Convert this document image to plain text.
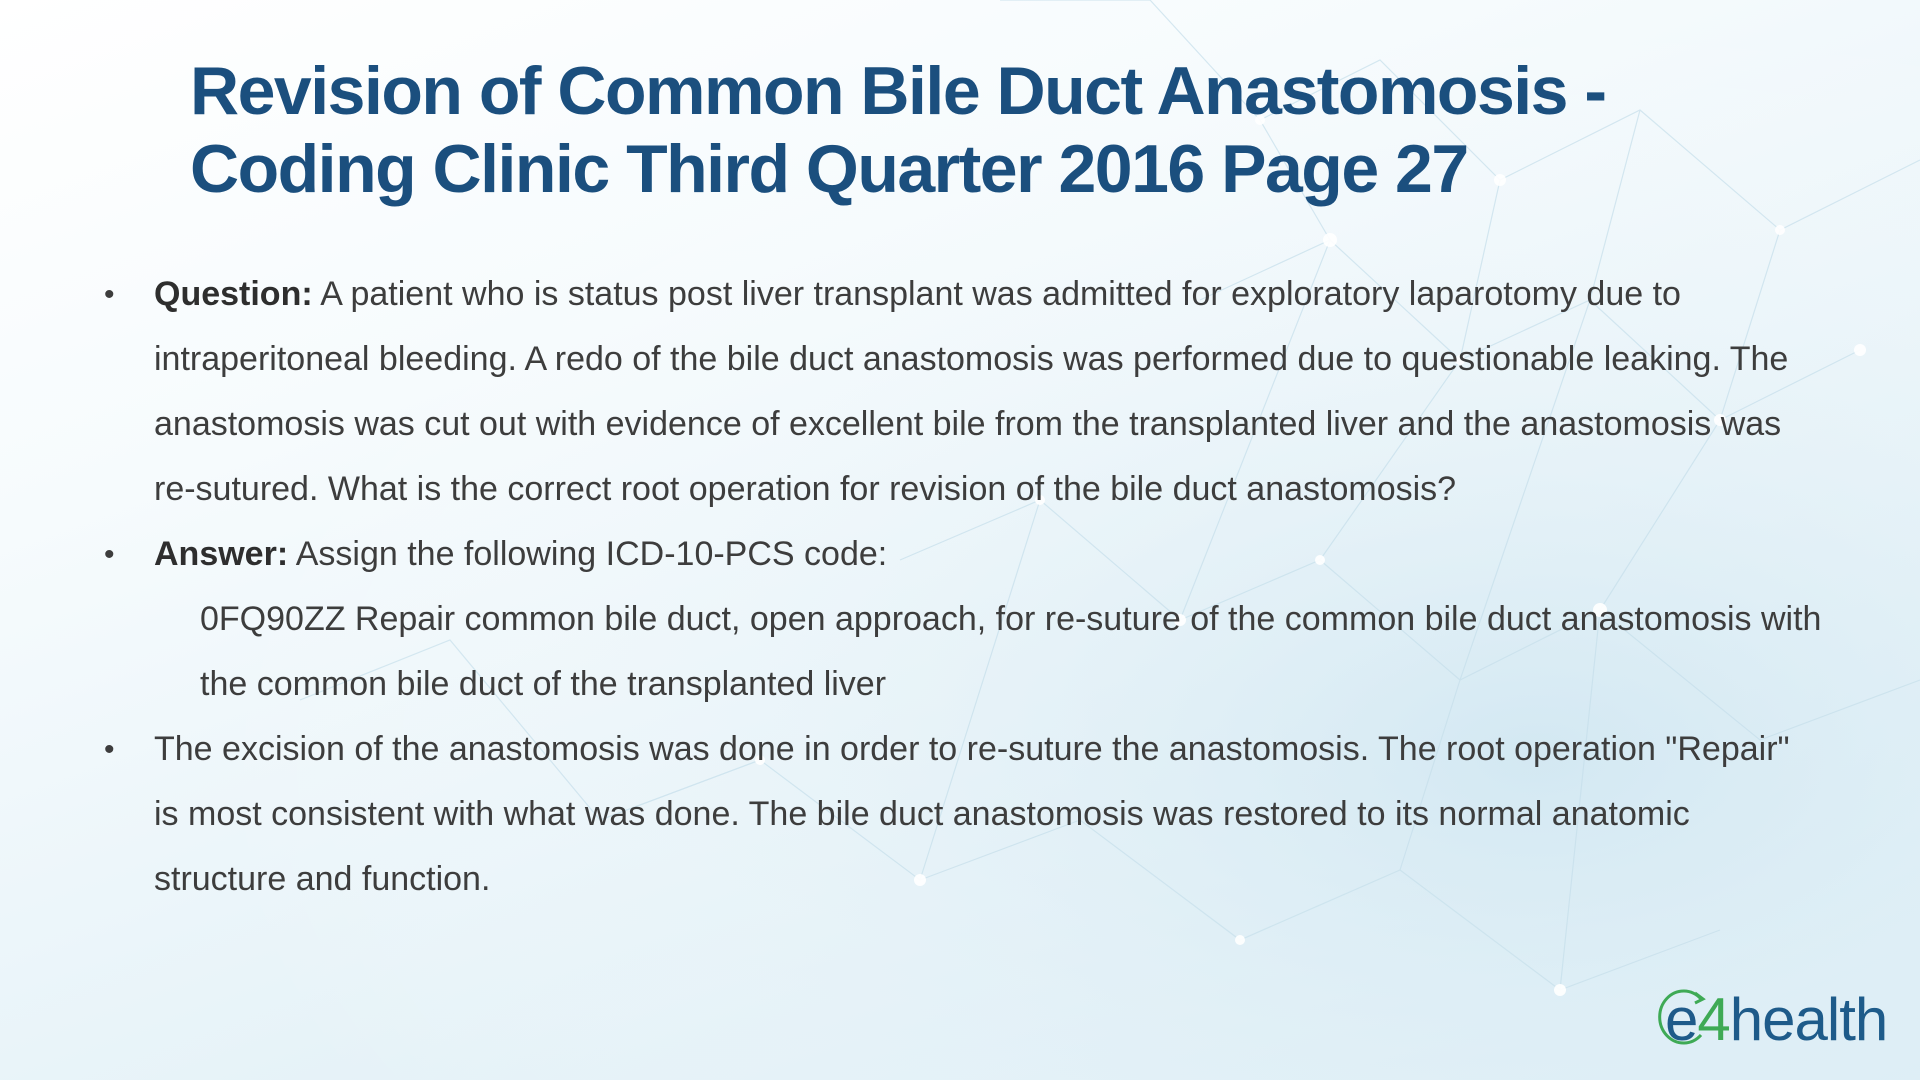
Revision of Common Bile Duct Anastomosis -
Coding Clinic Third Quarter 2016 Page 27
• Question: A patient who is status post liver transplant was admitted for exploratory laparotomy due to intraperitoneal bleeding. A redo of the bile duct anastomosis was performed due to questionable leaking. The anastomosis was cut out with evidence of excellent bile from the transplanted liver and the anastomosis was re-sutured. What is the correct root operation for revision of the bile duct anastomosis?
• Answer: Assign the following ICD-10-PCS code:
0FQ90ZZ Repair common bile duct, open approach, for re-suture of the common bile duct anastomosis with the common bile duct of the transplanted liver
• The excision of the anastomosis was done in order to re-suture the anastomosis. The root operation "Repair" is most consistent with what was done. The bile duct anastomosis was restored to its normal anatomic structure and function.
e4health
